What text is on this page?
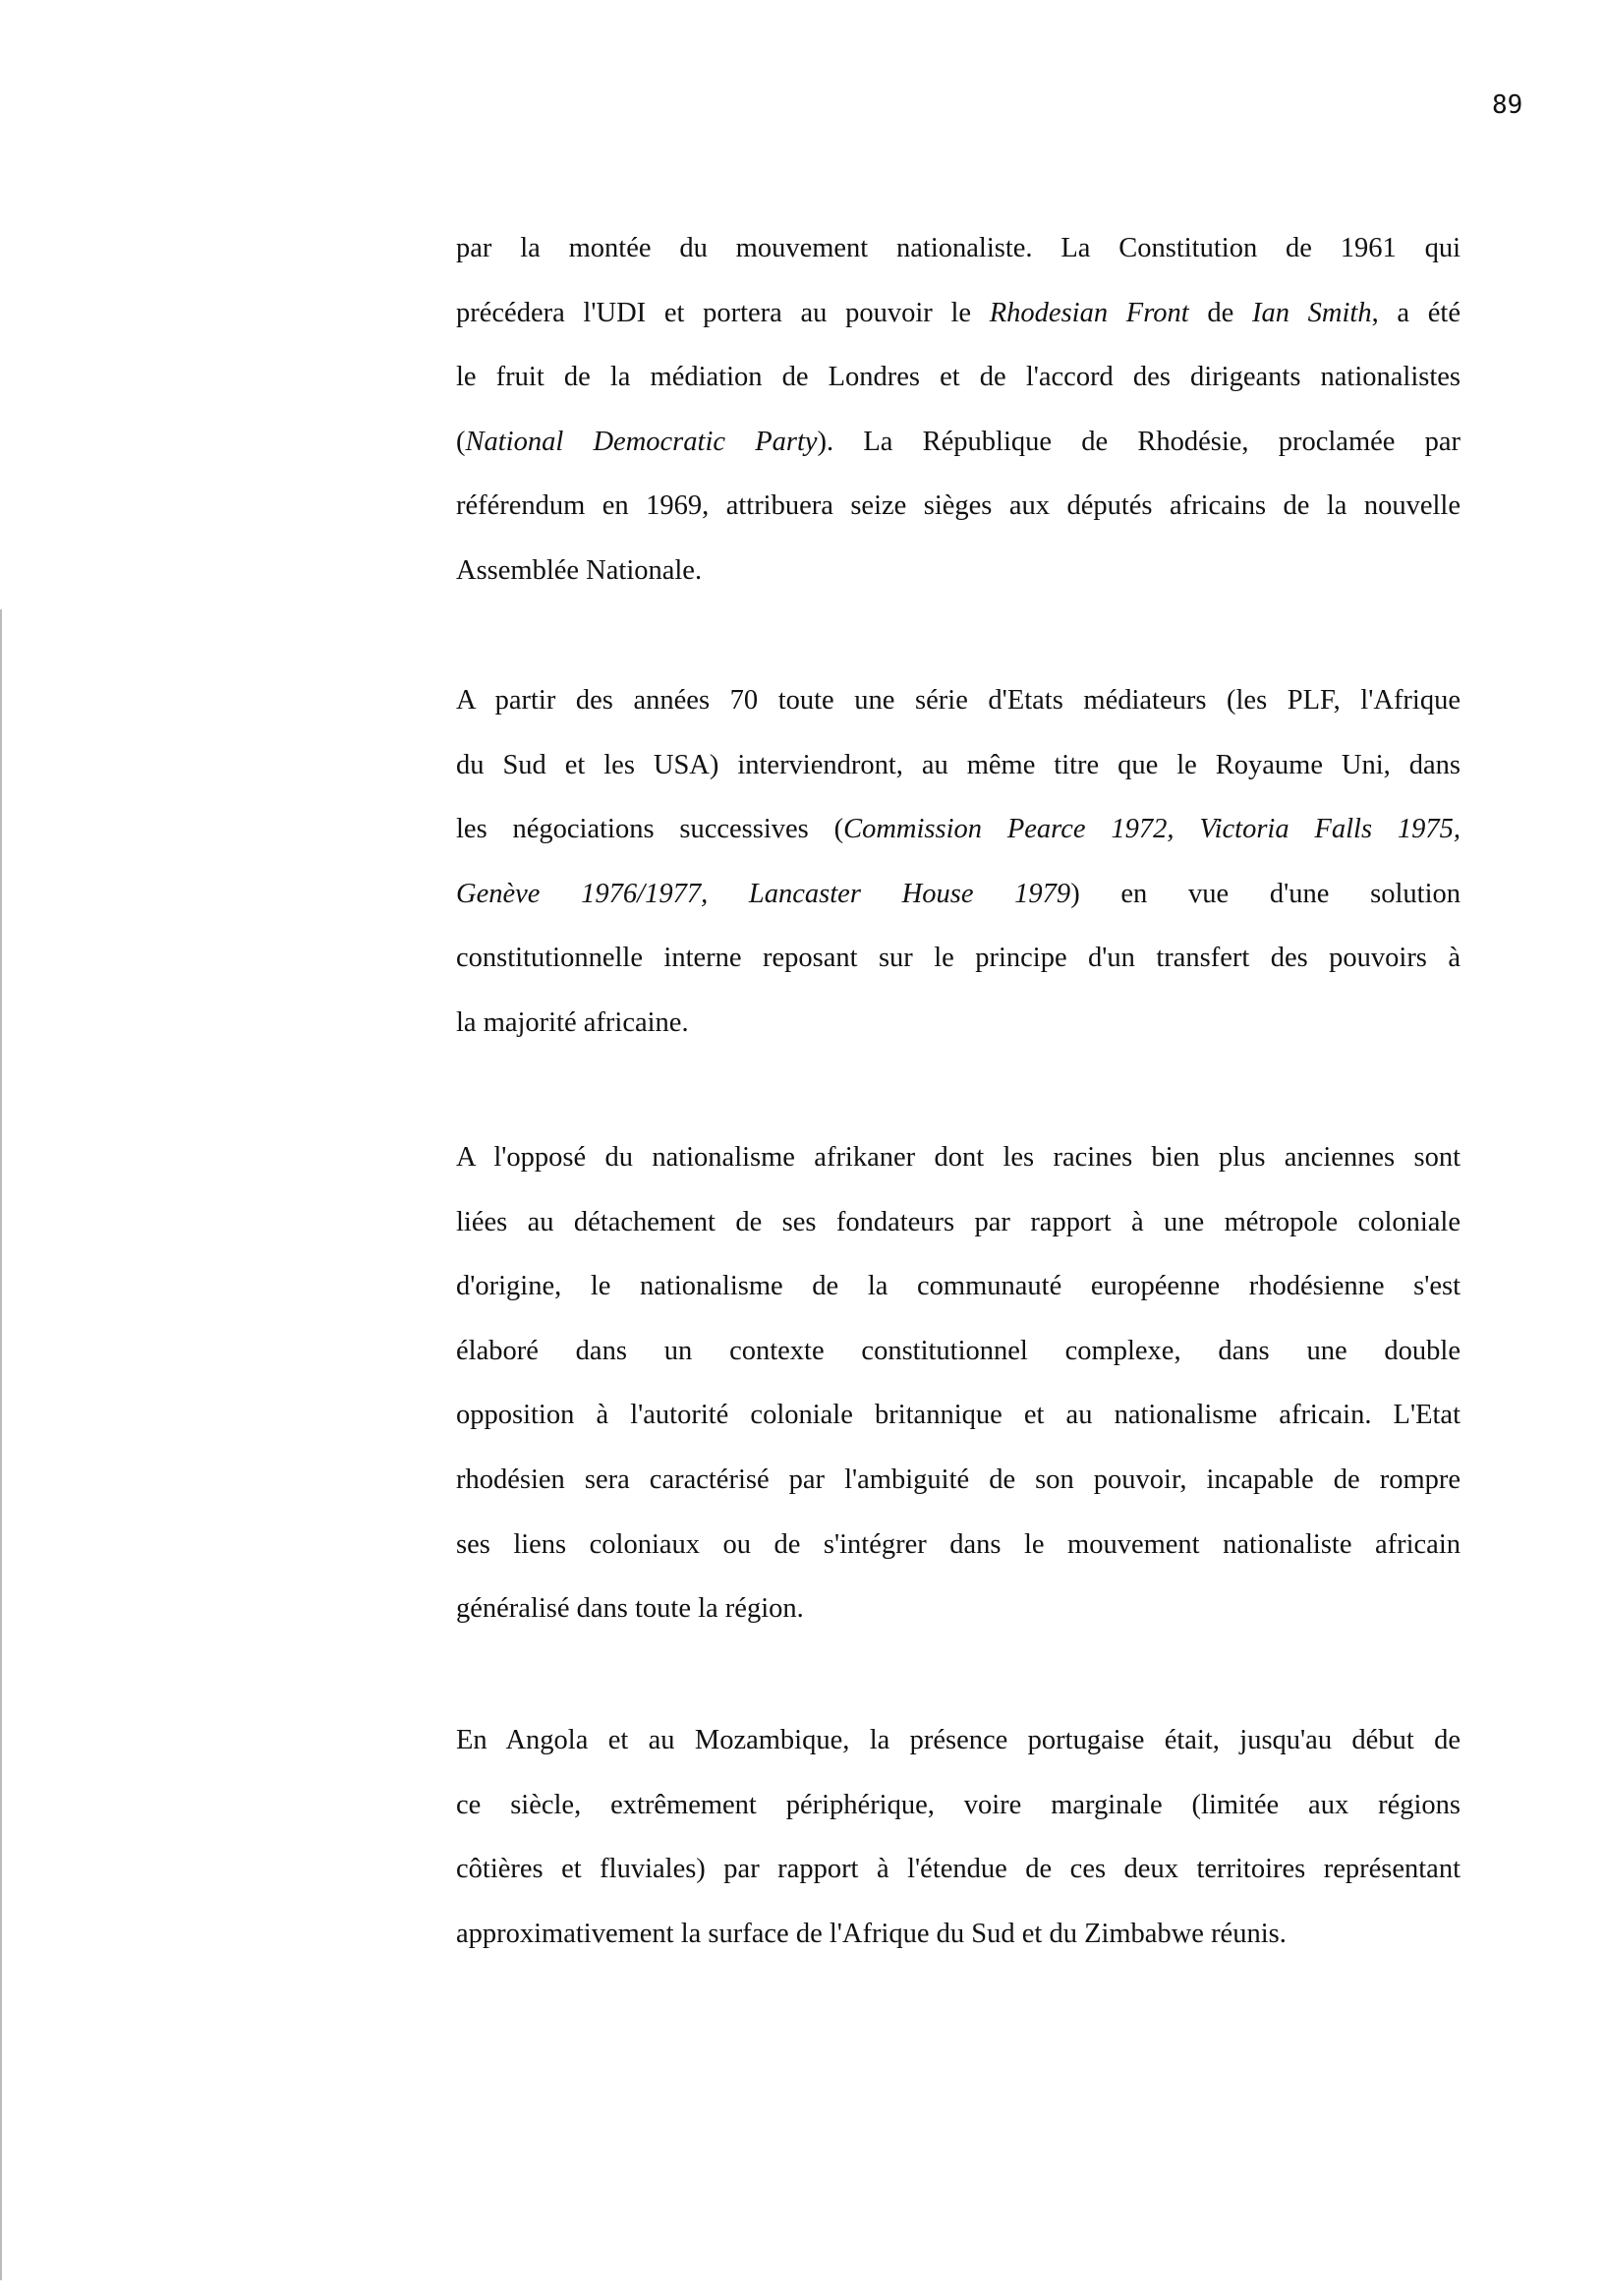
89
par la montée du mouvement nationaliste. La Constitution de 1961 qui
précédera l'UDI et portera au pouvoir le Rhodesian Front de Ian Smith, a été
le fruit de la médiation de Londres et de l'accord des dirigeants nationalistes
(National Democratic Party). La République de Rhodésie, proclamée par
référendum en 1969, attribuera seize sièges aux députés africains de la nouvelle
Assemblée Nationale.
A partir des années 70 toute une série d'Etats médiateurs (les PLF, l'Afrique
du Sud et les USA) interviendront, au même titre que le Royaume Uni, dans
les négociations successives (Commission Pearce 1972, Victoria Falls 1975,
Genève 1976/1977, Lancaster House 1979) en vue d'une solution
constitutionnelle interne reposant sur le principe d'un transfert des pouvoirs à
la majorité africaine.
A l'opposé du nationalisme afrikaner dont les racines bien plus anciennes sont
liées au détachement de ses fondateurs par rapport à une métropole coloniale
d'origine, le nationalisme de la communauté européenne rhodésienne s'est
élaboré dans un contexte constitutionnel complexe, dans une double
opposition à l'autorité coloniale britannique et au nationalisme africain. L'Etat
rhodésien sera caractérisé par l'ambiguité de son pouvoir, incapable de rompre
ses liens coloniaux ou de s'intégrer dans le mouvement nationaliste africain
généralisé dans toute la région.
En Angola et au Mozambique, la présence portugaise était, jusqu'au début de
ce siècle, extrêmement périphérique, voire marginale (limitée aux régions
côtières et fluviales) par rapport à l'étendue de ces deux territoires représentant
approximativement la surface de l'Afrique du Sud et du Zimbabwe réunis.
